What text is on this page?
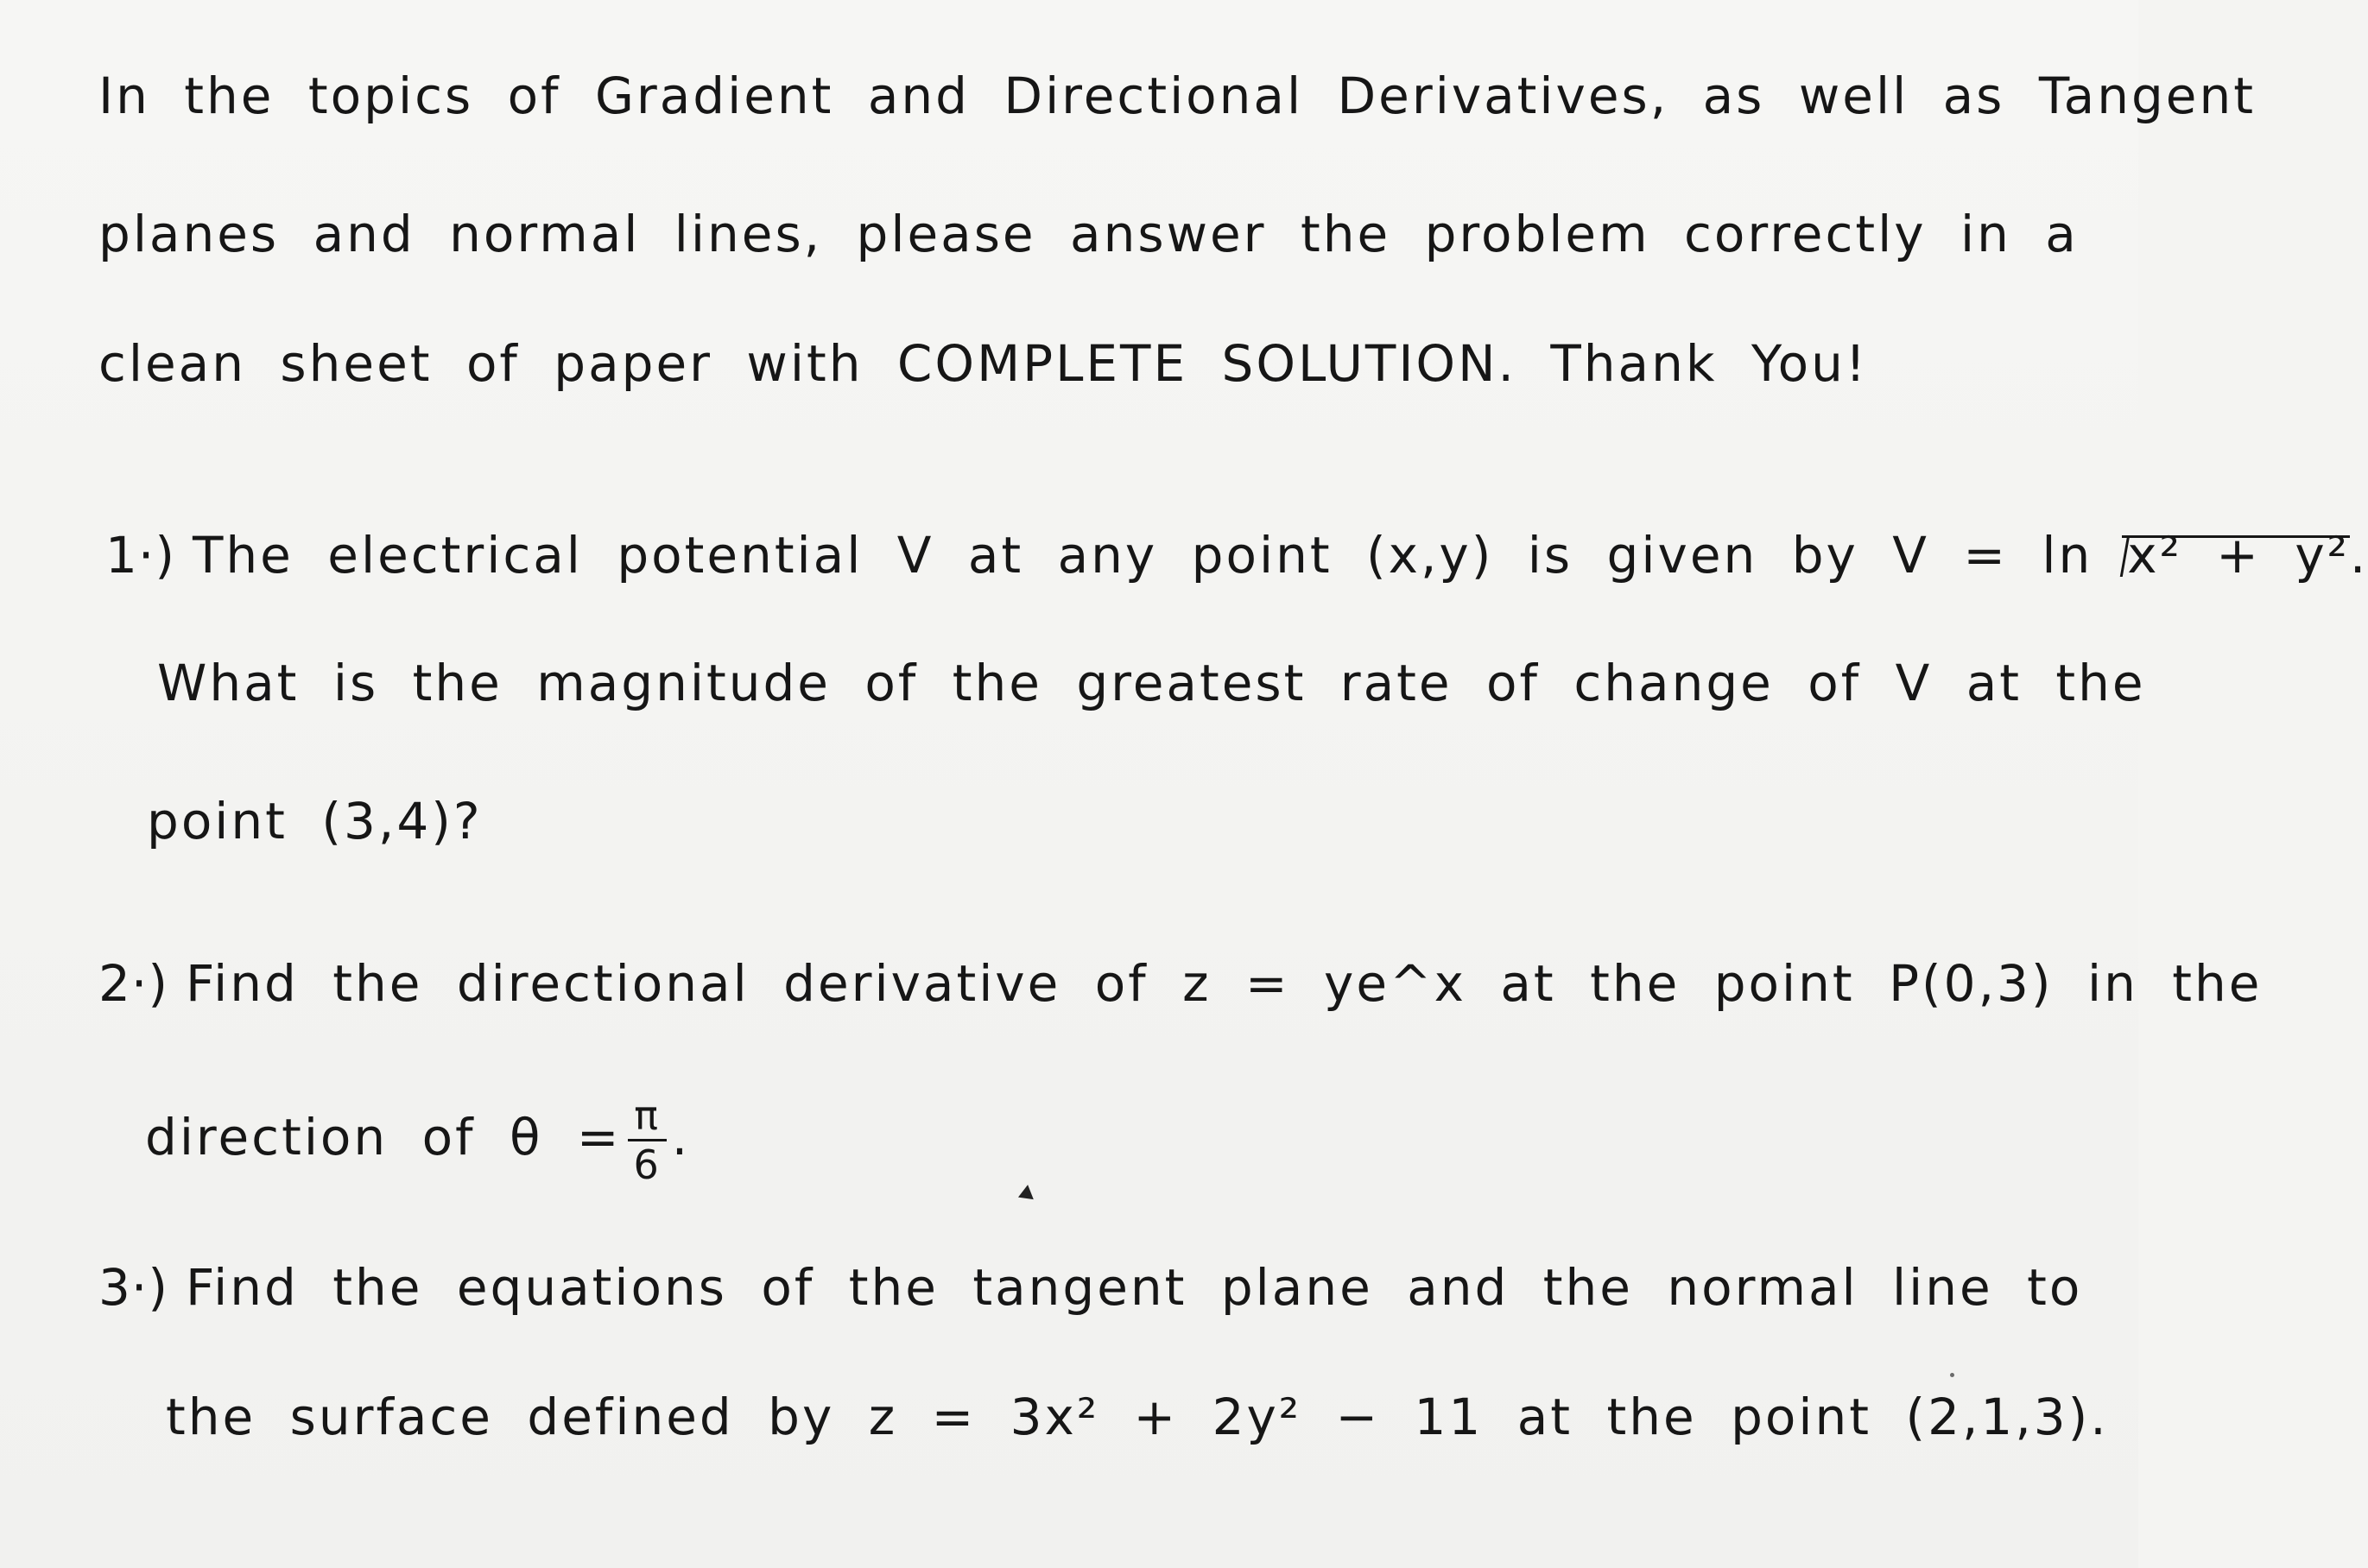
In the topics of Gradient and Directional Derivatives, as well as Tangent
planes and normal lines, please answer the problem correctly in a
clean sheet of paper with COMPLETE SOLUTION. Thank You!
1·) The electrical potential V at any point (x,y) is given by V = ln x² + y².
What is the magnitude of the greatest rate of change of V at the
point (3,4)?
2·) Find the directional derivative of z = ye^x at the point P(0,3) in the
direction of $\theta = \frac{\pi}{6}$ .
3·) Find the equations of the tangent plane and the normal line to
the surface defined by z = 3x² + 2y² − 11 at the point (2,1,3).
